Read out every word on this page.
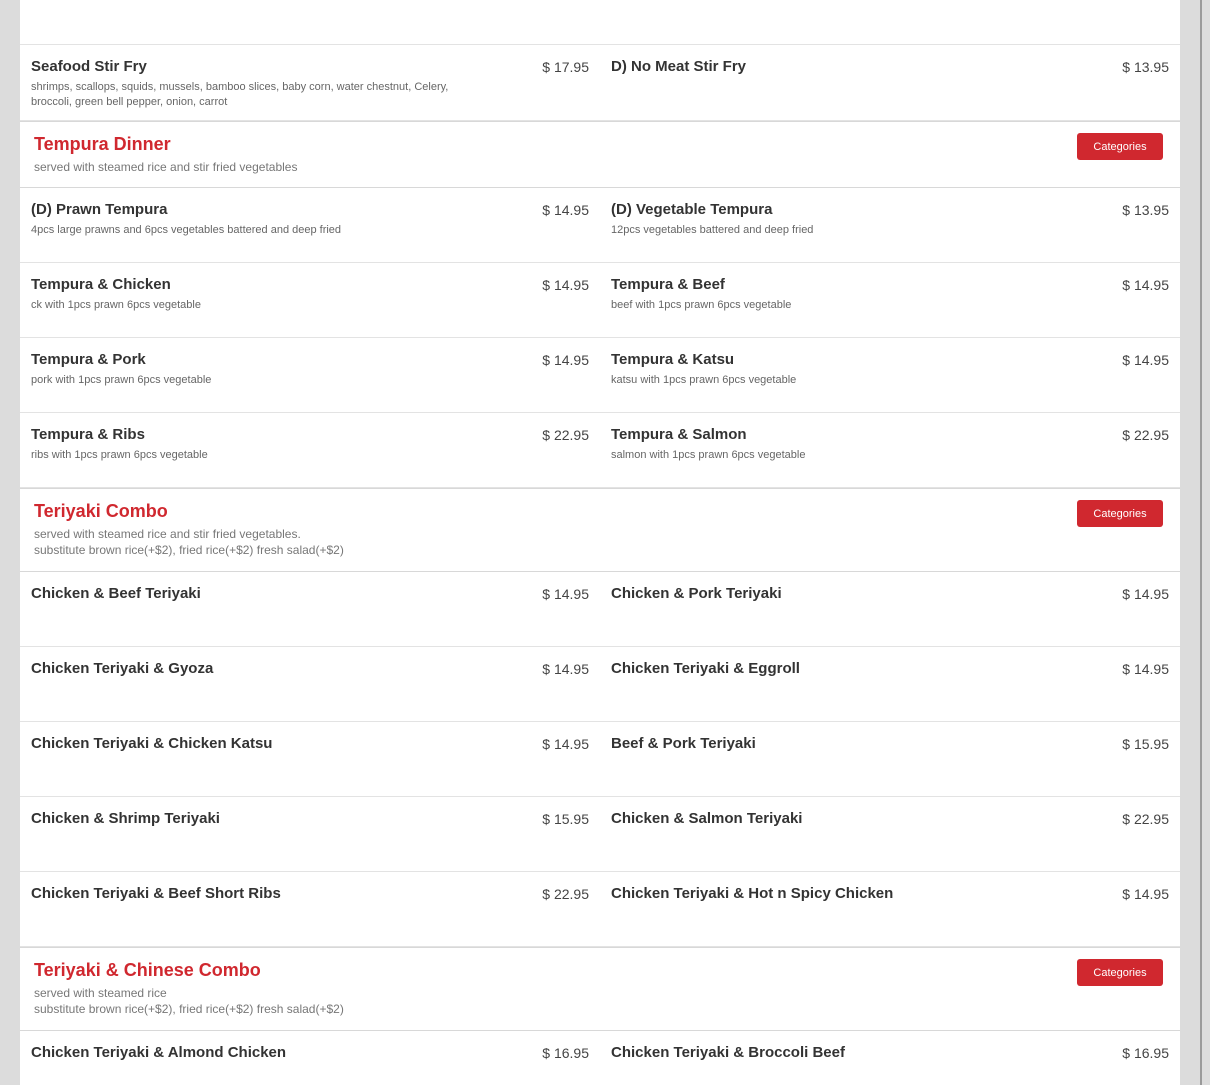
Seafood Stir Fry	$ 17.95
shrimps, scallops, squids, mussels, bamboo slices, baby corn, water chestnut, Celery, broccoli, green bell pepper, onion, carrot
D) No Meat Stir Fry	$ 13.95
Tempura Dinner
served with steamed rice and stir fried vegetables
Categories
(D) Prawn Tempura	$ 14.95
4pcs large prawns and 6pcs vegetables battered and deep fried
(D) Vegetable Tempura	$ 13.95
12pcs vegetables battered and deep fried
Tempura & Chicken	$ 14.95
ck with 1pcs prawn 6pcs vegetable
Tempura & Beef	$ 14.95
beef with 1pcs prawn 6pcs vegetable
Tempura & Pork	$ 14.95
pork with 1pcs prawn 6pcs vegetable
Tempura & Katsu	$ 14.95
katsu with 1pcs prawn 6pcs vegetable
Tempura & Ribs	$ 22.95
ribs with 1pcs prawn 6pcs vegetable
Tempura & Salmon	$ 22.95
salmon with 1pcs prawn 6pcs vegetable
Teriyaki Combo
served with steamed rice and stir fried vegetables.
substitute brown rice(+$2), fried rice(+$2) fresh salad(+$2)
Categories
Chicken & Beef Teriyaki	$ 14.95 Chicken & Pork Teriyaki	$ 14.95
Chicken Teriyaki & Gyoza	$ 14.95 Chicken Teriyaki & Eggroll	$ 14.95
Chicken Teriyaki & Chicken Katsu	$ 14.95 Beef & Pork Teriyaki	$ 15.95
Chicken & Shrimp Teriyaki	$ 15.95 Chicken & Salmon Teriyaki	$ 22.95
Chicken Teriyaki & Beef Short Ribs	$ 22.95 Chicken Teriyaki & Hot n Spicy Chicken	$ 14.95
Teriyaki & Chinese Combo
served with steamed rice
substitute brown rice(+$2), fried rice(+$2) fresh salad(+$2)
Categories
Chicken Teriyaki & Almond Chicken	$ 16.95 Chicken Teriyaki & Broccoli Beef	$ 16.95
